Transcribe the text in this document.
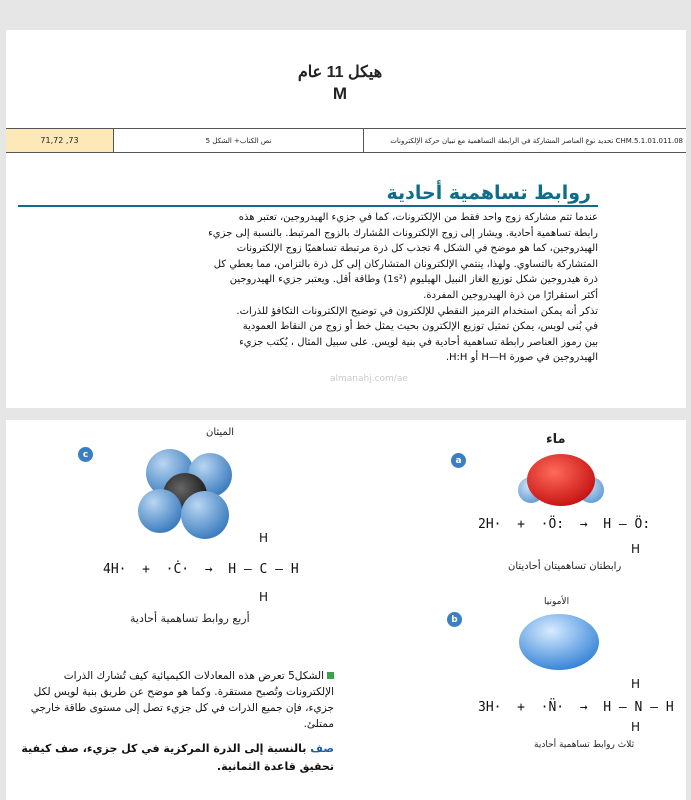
هيكل 11 عام
M
71,72 ,73	نص الكتاب+ الشكل 5	CHM.5.1.01.011.08 تحديد نوع العناصر المشاركة في الرابطة التساهمية مع تبيان حركة الإلكترونات
روابط تساهمية أحادية

عندما تتم مشاركة زوج واحد فقط من الإلكترونات، كما في جزيء الهيدروجين، تعتبر هذه

رابطة تساهمية أحادية. ويشار إلى زوج الإلكترونات المُشارك بالزوج المرتبط. بالنسبة إلى جزيء

الهيدروجين، كما هو موضح في الشكل 4 تجذب كل ذرة مرتبطة تساهميًا زوج الإلكترونات

المتشاركة بالتساوي. ولهذا، ينتمي الإلكترونان المتشاركان إلى كل ذرة بالتزامن، مما يعطي كل

ذرة هيدروجين شكل توزيع الغاز النبيل الهيليوم (1s²) وطاقة أقل. ويعتبر جزيء الهيدروجين

أكثر استقرارًا من ذرة الهيدروجين المفردة.

تذكر أنه يمكن استخدام الترميز النقطي للإلكترون في توضيح الإلكترونات التكافؤ للذرات.

في بُنى لويس، يمكن تمثيل توزيع الإلكترون بحيث يمثل خط أو زوج من النقاط العمودية

بين رموز العناصر رابطة تساهمية أحادية في بنية لويس. على سبيل المثال ، يُكتب جزيء

الهيدروجين في صورة H—H أو H:H.

almanahj.com/ae
c
الميثان
H
4H·  +  ·Ċ·  →  H — C — H
H
أربع روابط تساهمية أحادية
a
ماء
2H·  +  ·Ö:  →  H — Ö:
H
رابطتان تساهميتان أحاديتان
b
الأمونيا
H
3H·  +  ·N̈·  →  H — N — H
H
ثلاث روابط تساهمية أحادية
الشكل5 تعرض هذه المعادلات الكيميائية كيف تُشارك الذرات الإلكترونات وتُصبح مستقرة. وكما هو موضح عن طريق بنية لويس لكل جزيء، فإن جميع الذرات في كل جزيء تصل إلى مستوى طاقة خارجي ممتلئ.
صف بالنسبة إلى الذرة المركزية في كل جزيء، صف كيفية تحقيق قاعدة الثمانية.
